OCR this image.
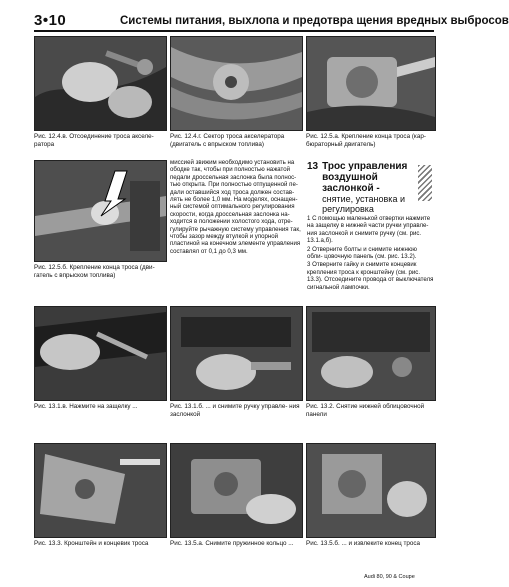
3•10	Системы питания, выхлопа и предотвра щения вредных выбросов
Рис. 12.4.в. Отсоединение троса акселе- ратора
Рис. 12.4.г. Сектор троса акселератора (двигатель с впрыском топлива)
Рис. 12.5.а. Крепление конца троса (кар- бюраторный двигатель)
Рис. 12.5.б. Крепление конца троса (дви- гатель с впрыском топлива)
миссией звижим необходимо установить на ободке так, чтобы при полностью нажатой педали дроссельная заслонка была полнос- тью открыта. При полностью отпущенной пе- дали оставшийся ход троса должен состав- лять не более 1,0 мм. На моделях, оснащен- ный системой оптимального регулирования скорости, когда дроссельная заслонка на- ходится в положении холостого хода, отре- гулируйте рычажную систему управления так, чтобы зазор между втулкой и упорной пластиной на конечном элементе управления составлял от 0,1 до 0,3 мм.
13 Трос управления воздушной заслонкой -
снятие, установка и регулировка

1 С помощью маленькой отвертки нажмите на защелку в нижней части ручки управле- ния заслонкой и снимите ручку (см. рис. 13.1.а,б).

2 Отверните болты и снимите нижнюю обли- цовочную панель (см. рис. 13.2).

3 Отверните гайку и снимите концевик крепления троса к кронштейну (см. рис. 13.3). Отсоедините провода от выключателя сигнальной лампочки.

Рис. 13.1.в. Нажмите на защелку ...	Рис. 13.1.б. ... и снимите ручку управле- ния заслонкой
Рис. 13.2. Снятие нижней облицовочной панели
Рис. 13.3. Кронштейн и концевик троса	Рис. 13.5.а. Снимите пружинное кольцо ...	Рис. 13.5.б. ... и извлеките конец троса
Audi 80, 90 & Coupe
